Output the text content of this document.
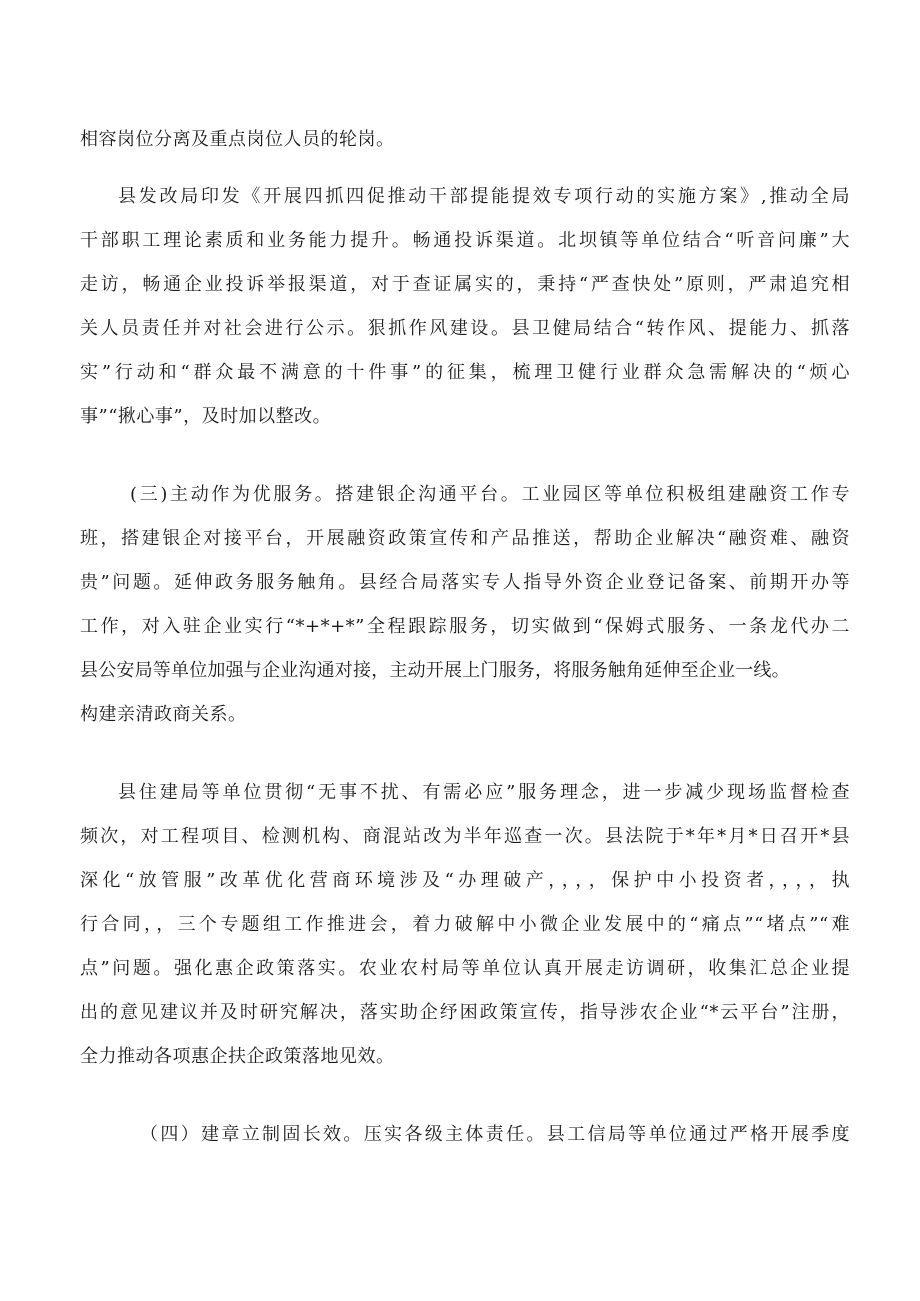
相容岗位分离及重点岗位人员的轮岗。
县发改局印发《开展四抓四促推动干部提能提效专项行动的实施方案》,推动全局
干部职工理论素质和业务能力提升。畅通投诉渠道。北坝镇等单位结合“听音问廉”大
走访，畅通企业投诉举报渠道，对于查证属实的，秉持“严查快处”原则，严肃追究相
关人员责任并对社会进行公示。狠抓作风建设。县卫健局结合“转作风、提能力、抓落
实”行动和“群众最不满意的十件事”的征集，梳理卫健行业群众急需解决的“烦心
事”“揪心事”，及时加以整改。
(三)主动作为优服务。搭建银企沟通平台。工业园区等单位积极组建融资工作专
班，搭建银企对接平台，开展融资政策宣传和产品推送，帮助企业解决“融资难、融资
贵”问题。延伸政务服务触角。县经合局落实专人指导外资企业登记备案、前期开办等
工作，对入驻企业实行“*+*+*”全程跟踪服务，切实做到“保姆式服务、一条龙代办二
县公安局等单位加强与企业沟通对接，主动开展上门服务，将服务触角延伸至企业一线。
构建亲清政商关系。
县住建局等单位贯彻“无事不扰、有需必应”服务理念，进一步减少现场监督检查
频次，对工程项目、检测机构、商混站改为半年巡查一次。县法院于*年*月*日召开*县
深化“放管服”改革优化营商环境涉及“办理破产，，，，保护中小投资者，，，，执
行合同，，三个专题组工作推进会，着力破解中小微企业发展中的“痛点”“堵点”“难
点”问题。强化惠企政策落实。农业农村局等单位认真开展走访调研，收集汇总企业提
出的意见建议并及时研究解决，落实助企纾困政策宣传，指导涉农企业“*云平台”注册，
全力推动各项惠企扶企政策落地见效。
（四）建章立制固长效。压实各级主体责任。县工信局等单位通过严格开展季度
